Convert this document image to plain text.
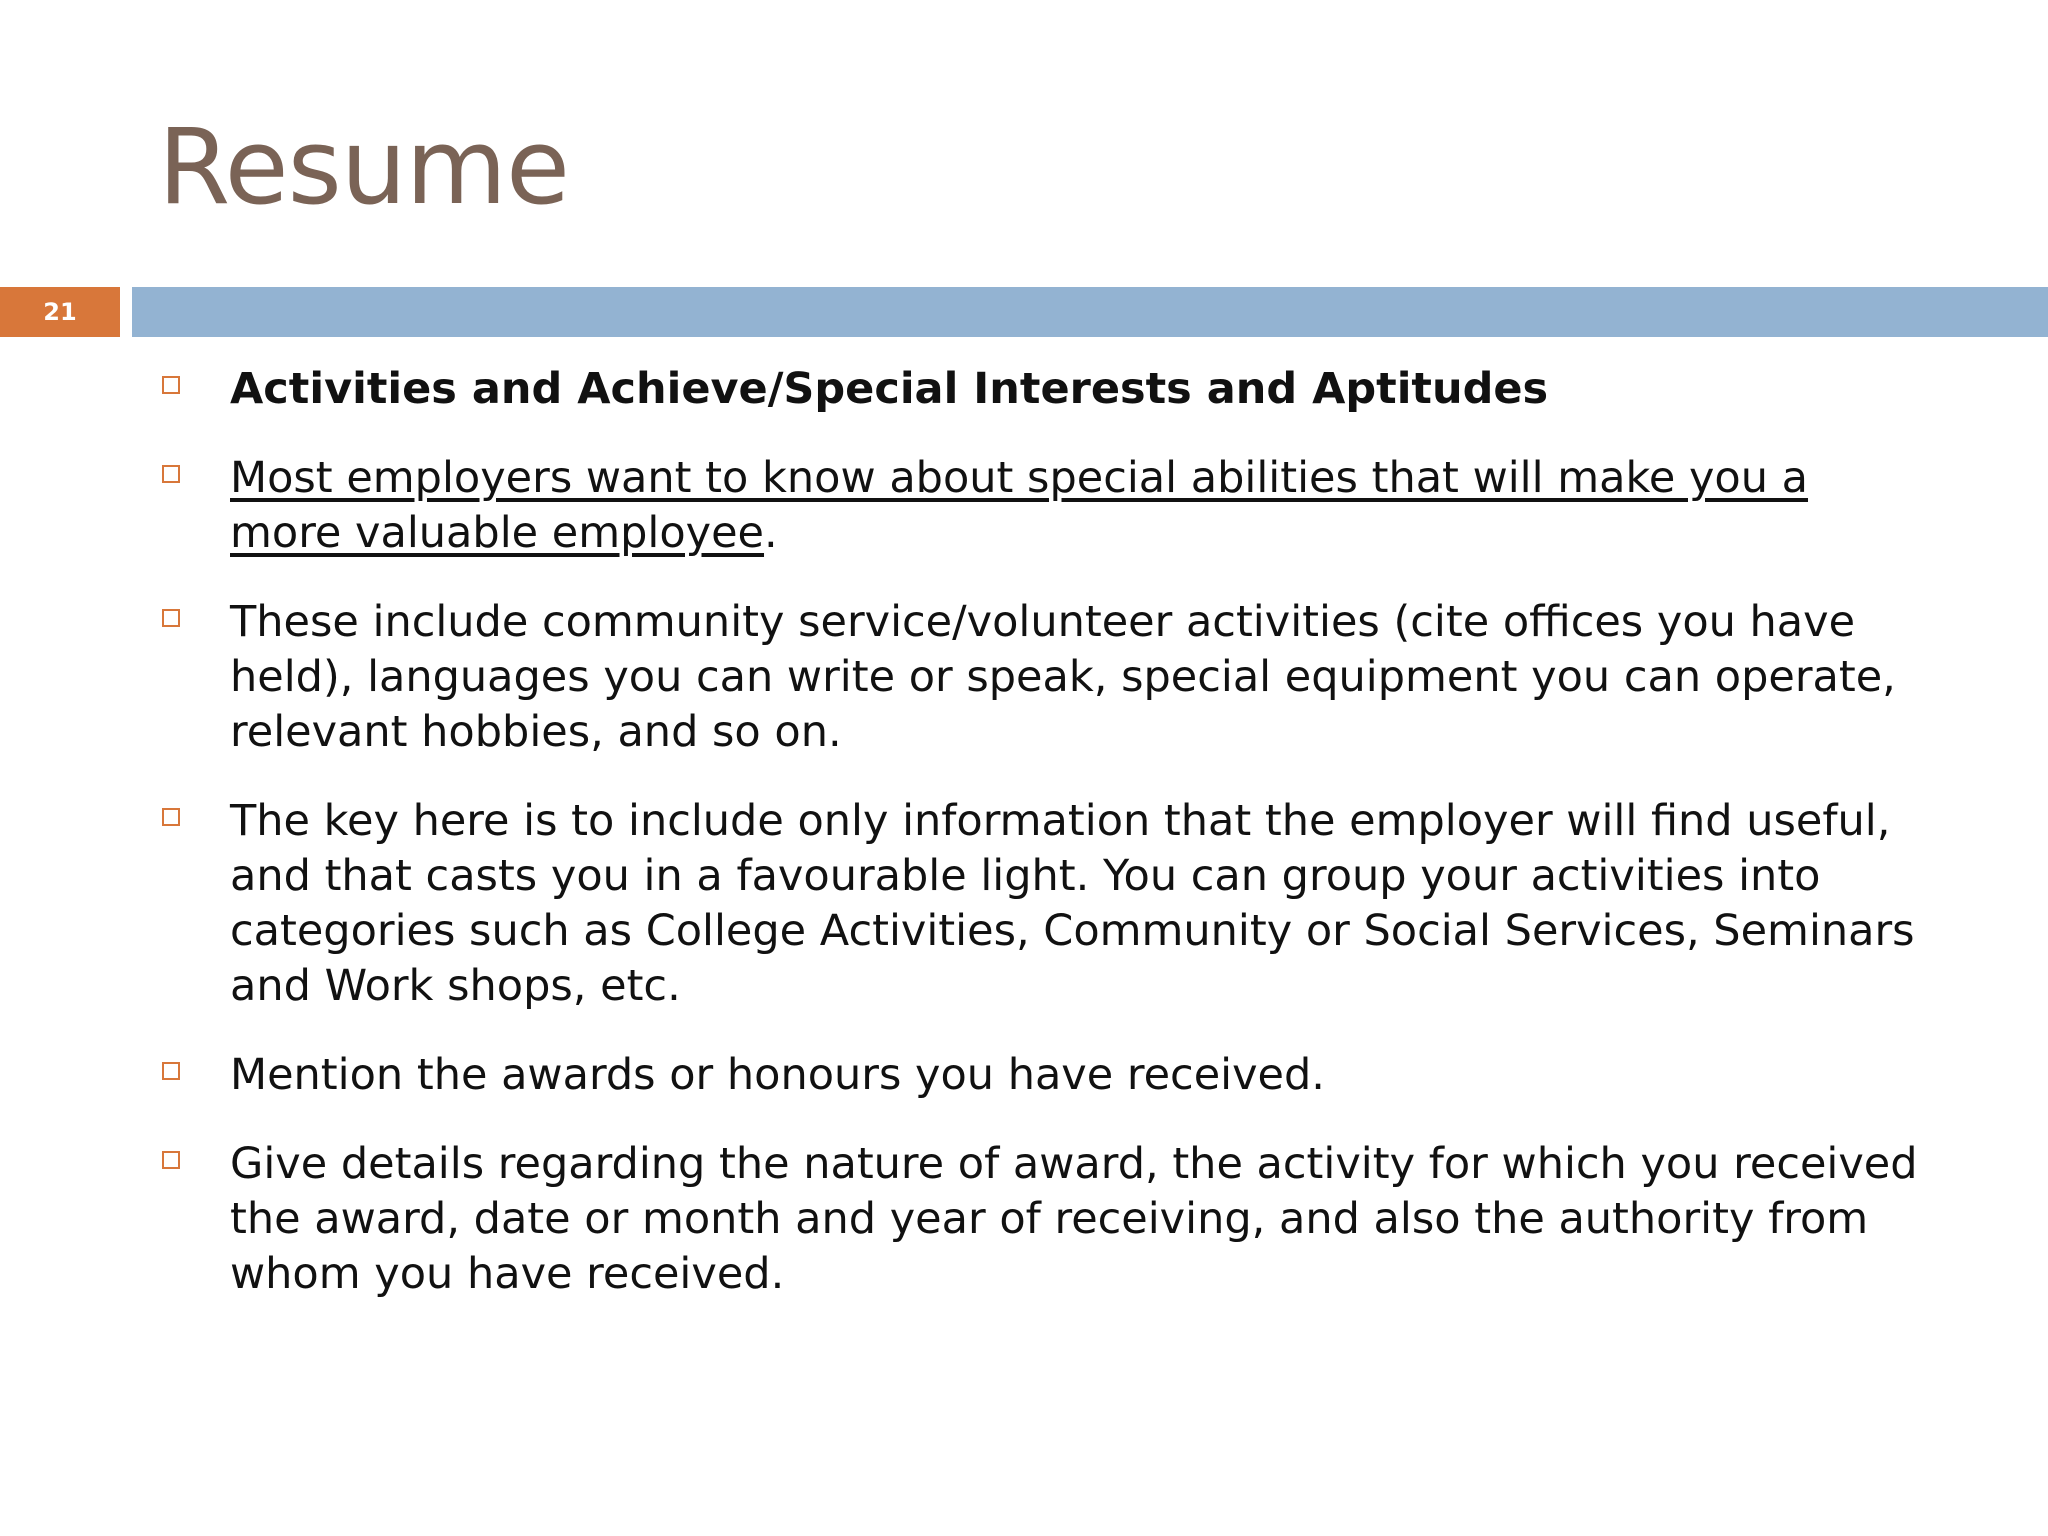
Resume
21
Activities and Achieve/Special Interests and Aptitudes
Most employers want to know about special abilities that will make you a more valuable employee.
These include community service/volunteer activities (cite offices you have held), languages you can write or speak, special equipment you can operate, relevant hobbies, and so on.
The key here is to include only information that the employer will find useful, and that casts you in a favourable light. You can group your activities into categories such as College Activities, Community or Social Services, Seminars and Work shops, etc.
Mention the awards or honours you have received.
Give details regarding the nature of award, the activity for which you received the award, date or month and year of receiving, and also the authority from whom you have received.
